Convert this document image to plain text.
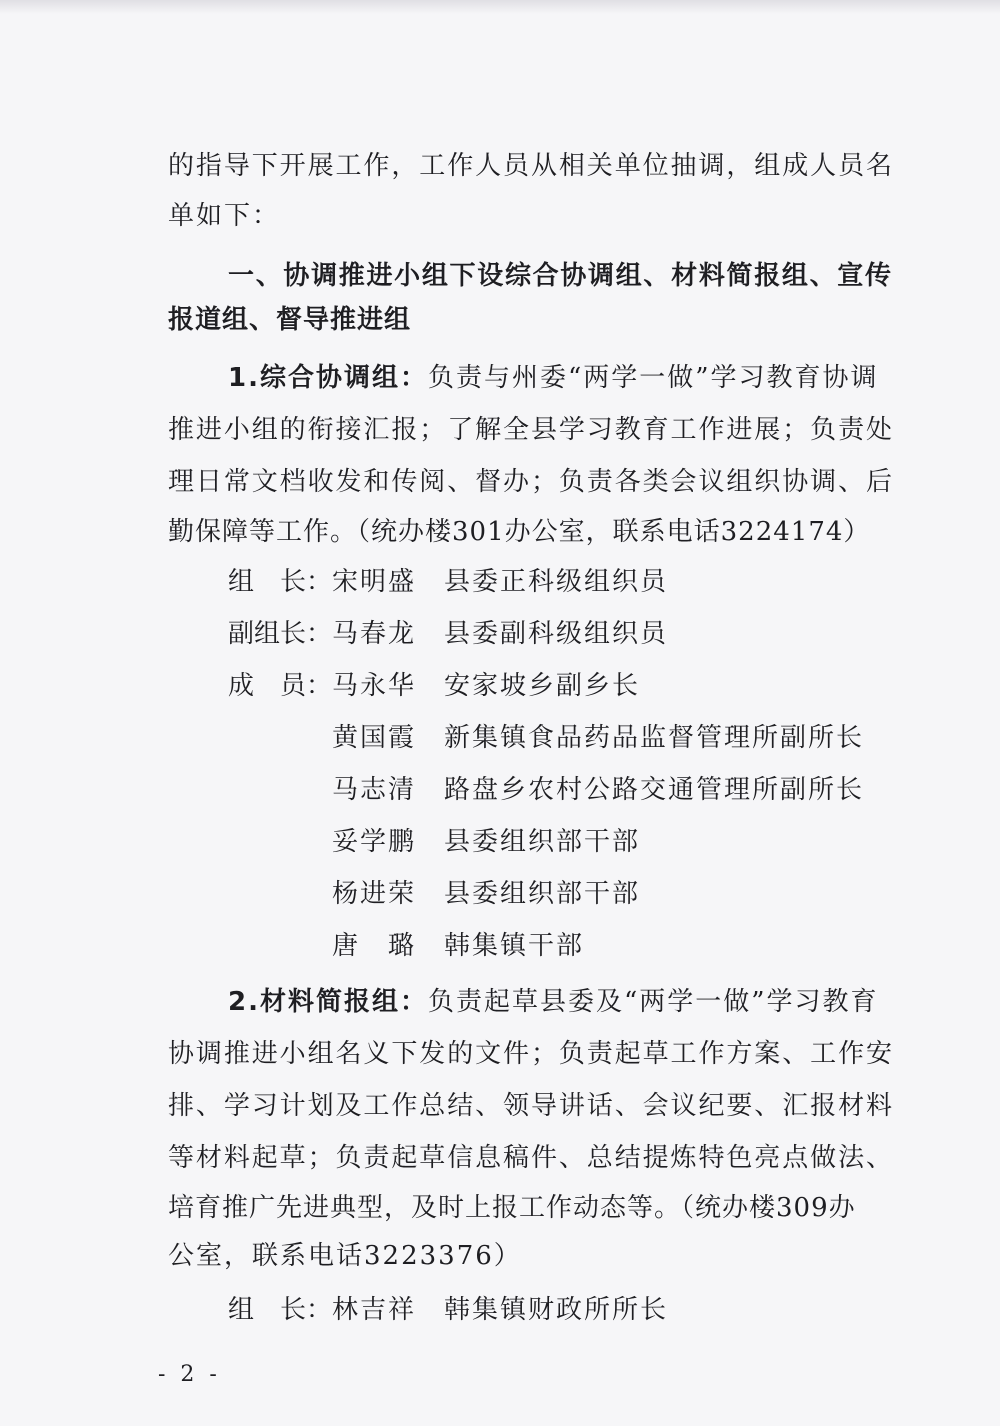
的指导下开展工作，工作人员从相关单位抽调，组成人员名
单如下：
一、协调推进小组下设综合协调组、材料简报组、宣传
报道组、督导推进组
1.综合协调组：负责与州委“两学一做”学习教育协调
推进小组的衔接汇报；了解全县学习教育工作进展；负责处
理日常文档收发和传阅、督办；负责各类会议组织协调、后
勤保障等工作。（统办楼301办公室，联系电话3224174）
组　长：宋明盛 县委正科级组织员
副组长：马春龙 县委副科级组织员
成　员：马永华 安家坡乡副乡长
黄国霞 新集镇食品药品监督管理所副所长
马志清 路盘乡农村公路交通管理所副所长
妥学鹏 县委组织部干部
杨进荣 县委组织部干部
唐　璐 韩集镇干部
2.材料简报组：负责起草县委及“两学一做”学习教育
协调推进小组名义下发的文件；负责起草工作方案、工作安
排、学习计划及工作总结、领导讲话、会议纪要、汇报材料
等材料起草；负责起草信息稿件、总结提炼特色亮点做法、
培育推广先进典型，及时上报工作动态等。（统办楼309办
公室，联系电话3223376）
组　长：林吉祥 韩集镇财政所所长
- 2 -
